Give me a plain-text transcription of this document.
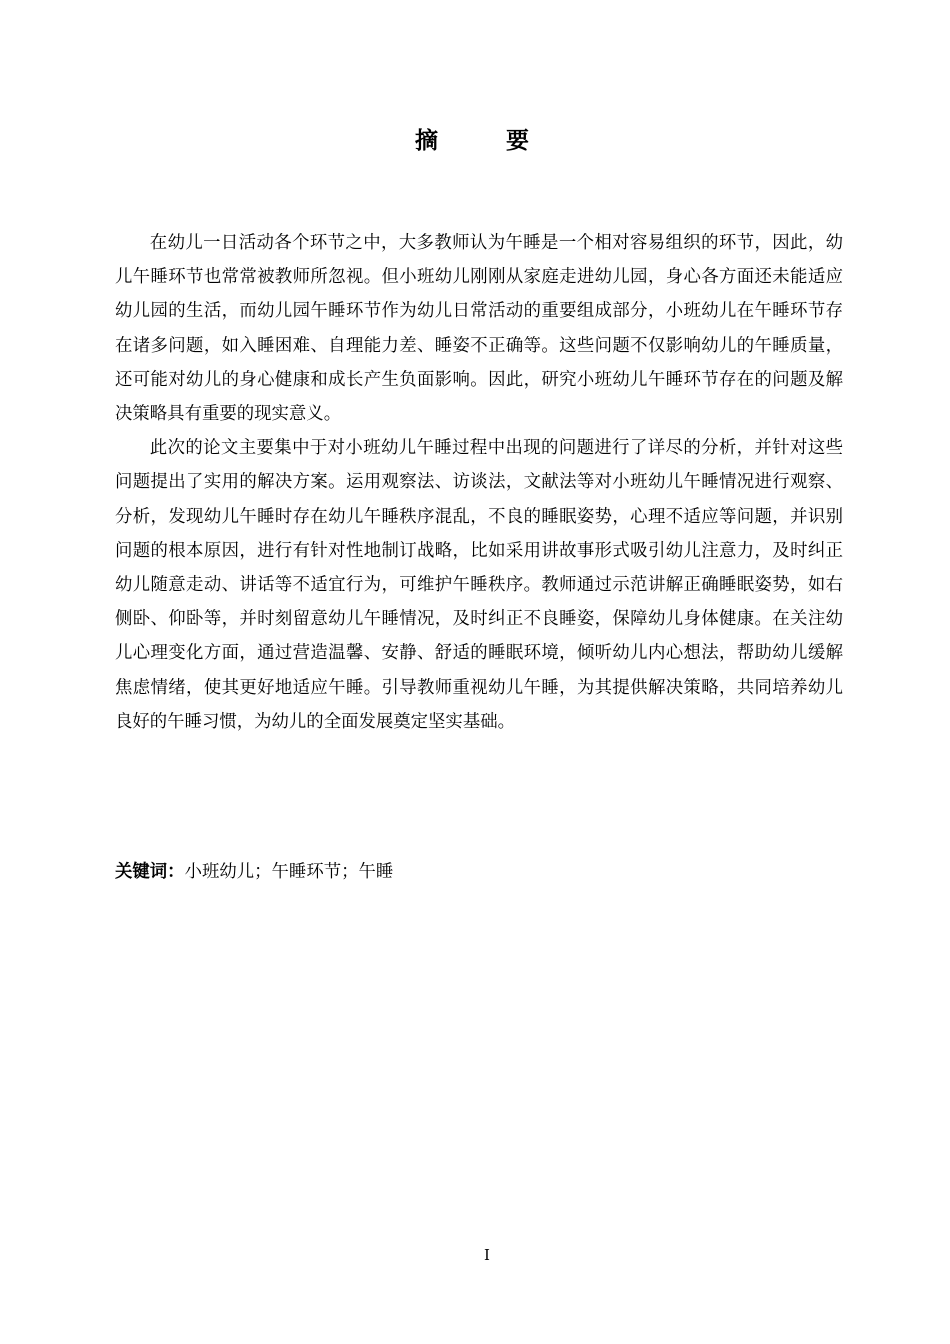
摘 要

在幼儿一日活动各个环节之中，大多教师认为午睡是一个相对容易组织的环节，因此，幼儿午睡环节也常常被教师所忽视。但小班幼儿刚刚从家庭走进幼儿园，身心各方面还未能适应幼儿园的生活，而幼儿园午睡环节作为幼儿日常活动的重要组成部分，小班幼儿在午睡环节存在诸多问题，如入睡困难、自理能力差、睡姿不正确等。这些问题不仅影响幼儿的午睡质量，还可能对幼儿的身心健康和成长产生负面影响。因此，研究小班幼儿午睡环节存在的问题及解决策略具有重要的现实意义。

此次的论文主要集中于对小班幼儿午睡过程中出现的问题进行了详尽的分析，并针对这些问题提出了实用的解决方案。运用观察法、访谈法，文献法等对小班幼儿午睡情况进行观察、分析，发现幼儿午睡时存在幼儿午睡秩序混乱，不良的睡眠姿势，心理不适应等问题，并识别问题的根本原因，进行有针对性地制订战略，比如采用讲故事形式吸引幼儿注意力，及时纠正幼儿随意走动、讲话等不适宜行为，可维护午睡秩序。教师通过示范讲解正确睡眠姿势，如右侧卧、仰卧等，并时刻留意幼儿午睡情况，及时纠正不良睡姿，保障幼儿身体健康。在关注幼儿心理变化方面，通过营造温馨、安静、舒适的睡眠环境，倾听幼儿内心想法，帮助幼儿缓解焦虑情绪，使其更好地适应午睡。引导教师重视幼儿午睡，为其提供解决策略，共同培养幼儿良好的午睡习惯，为幼儿的全面发展奠定坚实基础。

关键词：小班幼儿；午睡环节；午睡
I
